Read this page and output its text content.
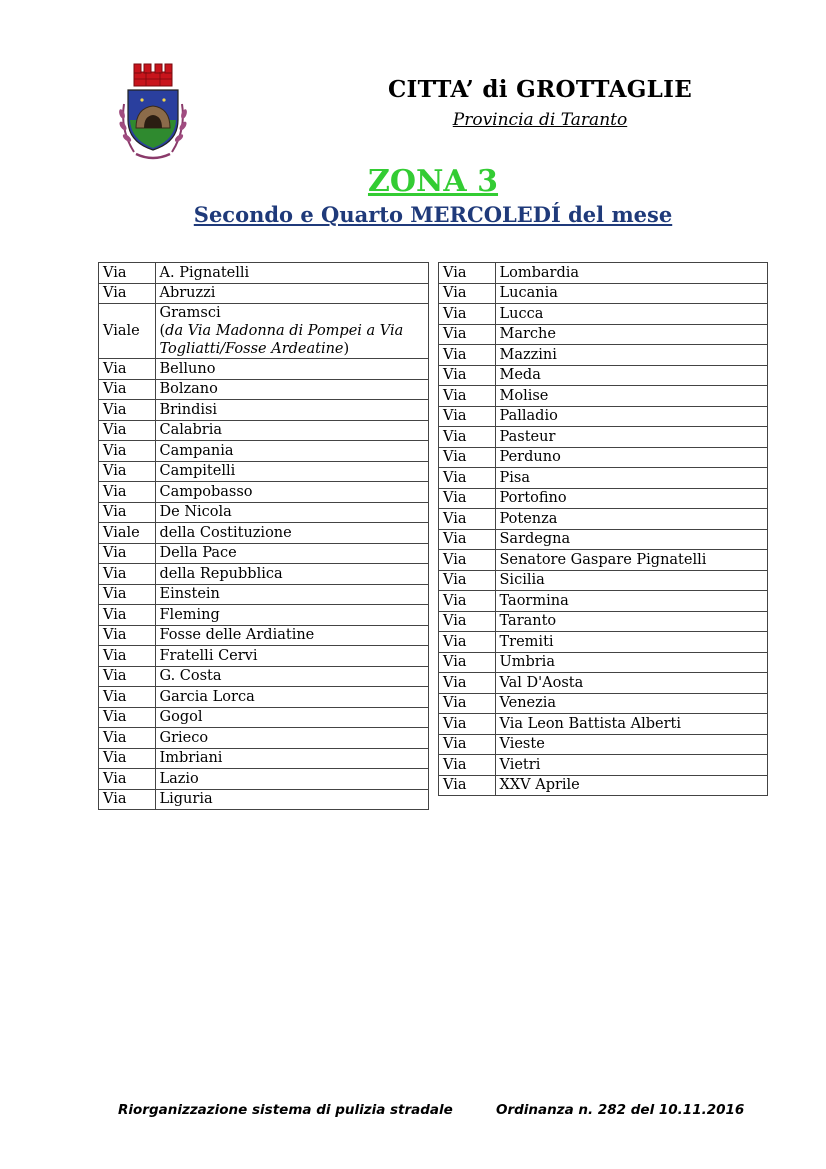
CITTA’ di GROTTAGLIE
Provincia di Taranto
ZONA 3
Secondo e Quarto MERCOLEDÍ del mese
Via	A. Pignatelli
Via	Abruzzi
Viale	Gramsci
(da Via Madonna di Pompei a Via Togliatti/Fosse Ardeatine)

Via	Belluno
Via	Bolzano
Via	Brindisi
Via	Calabria
Via	Campania
Via	Campitelli
Via	Campobasso
Via	De Nicola
Viale	della Costituzione
Via	Della Pace
Via	della Repubblica
Via	Einstein
Via	Fleming
Via	Fosse delle Ardiatine
Via	Fratelli Cervi
Via	G. Costa
Via	Garcia Lorca
Via	Gogol
Via	Grieco
Via	Imbriani
Via	Lazio
Via	Liguria
Via	Lombardia
Via	Lucania
Via	Lucca
Via	Marche
Via	Mazzini
Via	Meda
Via	Molise
Via	Palladio
Via	Pasteur
Via	Perduno
Via	Pisa
Via	Portofino
Via	Potenza
Via	Sardegna
Via	Senatore Gaspare Pignatelli
Via	Sicilia
Via	Taormina
Via	Taranto
Via	Tremiti
Via	Umbria
Via	Val D'Aosta
Via	Venezia
Via	Via Leon Battista Alberti
Via	Vieste
Via	Vietri
Via	XXV Aprile
Riorganizzazione sistema di pulizia stradale	Ordinanza n. 282 del 10.11.2016
